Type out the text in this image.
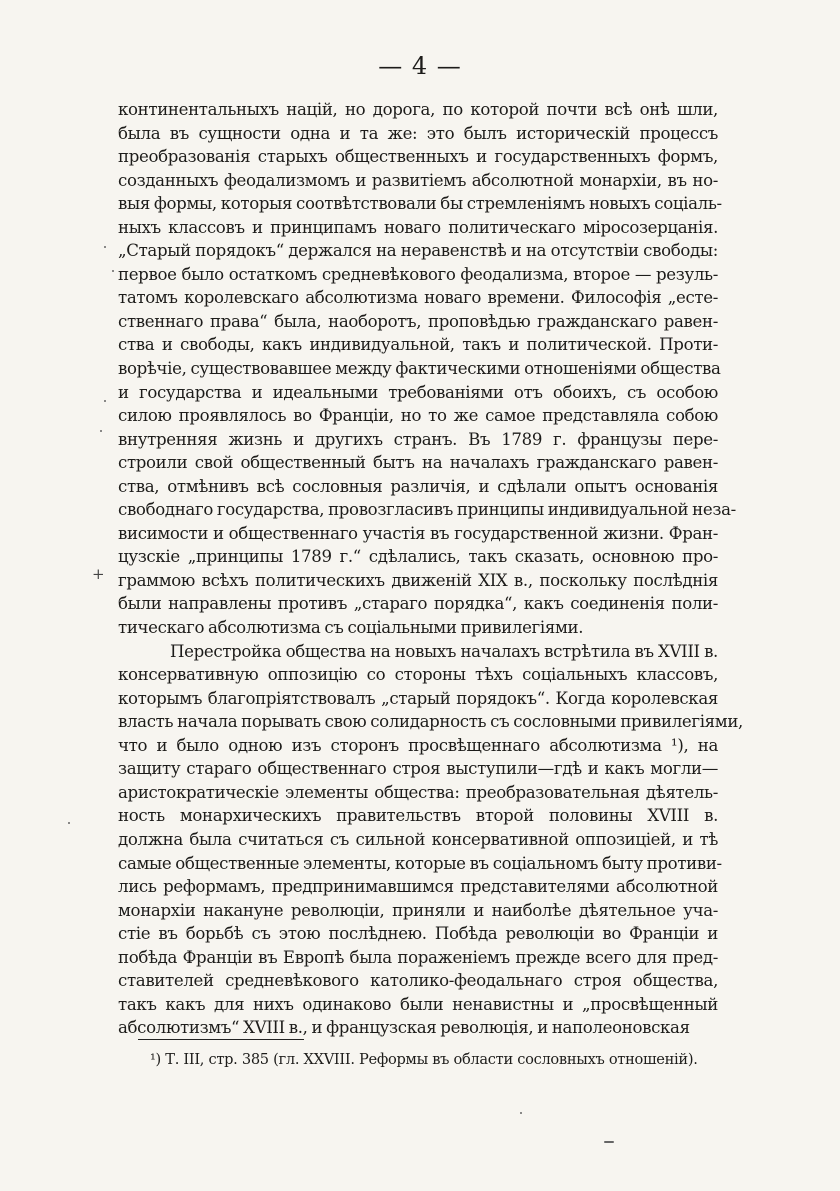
— 4 —
континентальныхъ націй, но дорога, по которой почти всѣ онѣ шли,
была въ сущности одна и та же: это былъ историческій процессъ
преобразованія старыхъ общественныхъ и государственныхъ формъ,
созданныхъ феодализмомъ и развитіемъ абсолютной монархіи, въ но-
выя формы, которыя соотвѣтствовали бы стремленіямъ новыхъ соціаль-
ныхъ классовъ и принципамъ новаго политическаго міросозерцанія.
„Старый порядокъ“ держался на неравенствѣ и на отсутствіи свободы:
первое было остаткомъ средневѣкового феодализма, второе — резуль-
татомъ королевскаго абсолютизма новаго времени. Философія „есте-
ственнаго права“ была, наоборотъ, проповѣдью гражданскаго равен-
ства и свободы, какъ индивидуальной, такъ и политической. Проти-
ворѣчіе, существовавшее между фактическими отношеніями общества
и государства и идеальными требованіями отъ обоихъ, съ особою
силою проявлялось во Франціи, но то же самое представляла собою
внутренняя жизнь и другихъ странъ. Въ 1789 г. французы пере-
строили свой общественный бытъ на началахъ гражданскаго равен-
ства, отмѣнивъ всѣ сословныя различія, и сдѣлали опытъ основанія
свободнаго государства, провозгласивъ принципы индивидуальной неза-
висимости и общественнаго участія въ государственной жизни. Фран-
цузскіе „принципы 1789 г.“ сдѣлались, такъ сказать, основною про-
граммою всѣхъ политическихъ движеній XIX в., поскольку послѣднія
были направлены противъ „стараго порядка“, какъ соединенія поли-
тическаго абсолютизма съ соціальными привилегіями.
Перестройка общества на новыхъ началахъ встрѣтила въ XVIII в.
консервативную оппозицію со стороны тѣхъ соціальныхъ классовъ,
которымъ благопріятствовалъ „старый порядокъ“. Когда королевская
власть начала порывать свою солидарность съ сословными привилегіями,
что и было одною изъ сторонъ просвѣщеннаго абсолютизма ¹), на
защиту стараго общественнаго строя выступили—гдѣ и какъ могли—
аристократическіе элементы общества: преобразовательная дѣятель-
ность монархическихъ правительствъ второй половины XVIII в.
должна была считаться съ сильной консервативной оппозиціей, и тѣ
самые общественные элементы, которые въ соціальномъ быту противи-
лись реформамъ, предпринимавшимся представителями абсолютной
монархіи накануне революціи, приняли и наиболѣе дѣятельное уча-
стіе въ борьбѣ съ этою послѣднею. Побѣда революціи во Франціи и
побѣда Франціи въ Европѣ была пораженіемъ прежде всего для пред-
ставителей средневѣкового католико-феодальнаго строя общества,
такъ какъ для нихъ одинаково были ненавистны и „просвѣщенный
абсолютизмъ“ XVIII в., и французская революція, и наполеоновская
+
¹) Т. III, стр. 385 (гл. XXVIII. Реформы въ области сословныхъ отношеній).
